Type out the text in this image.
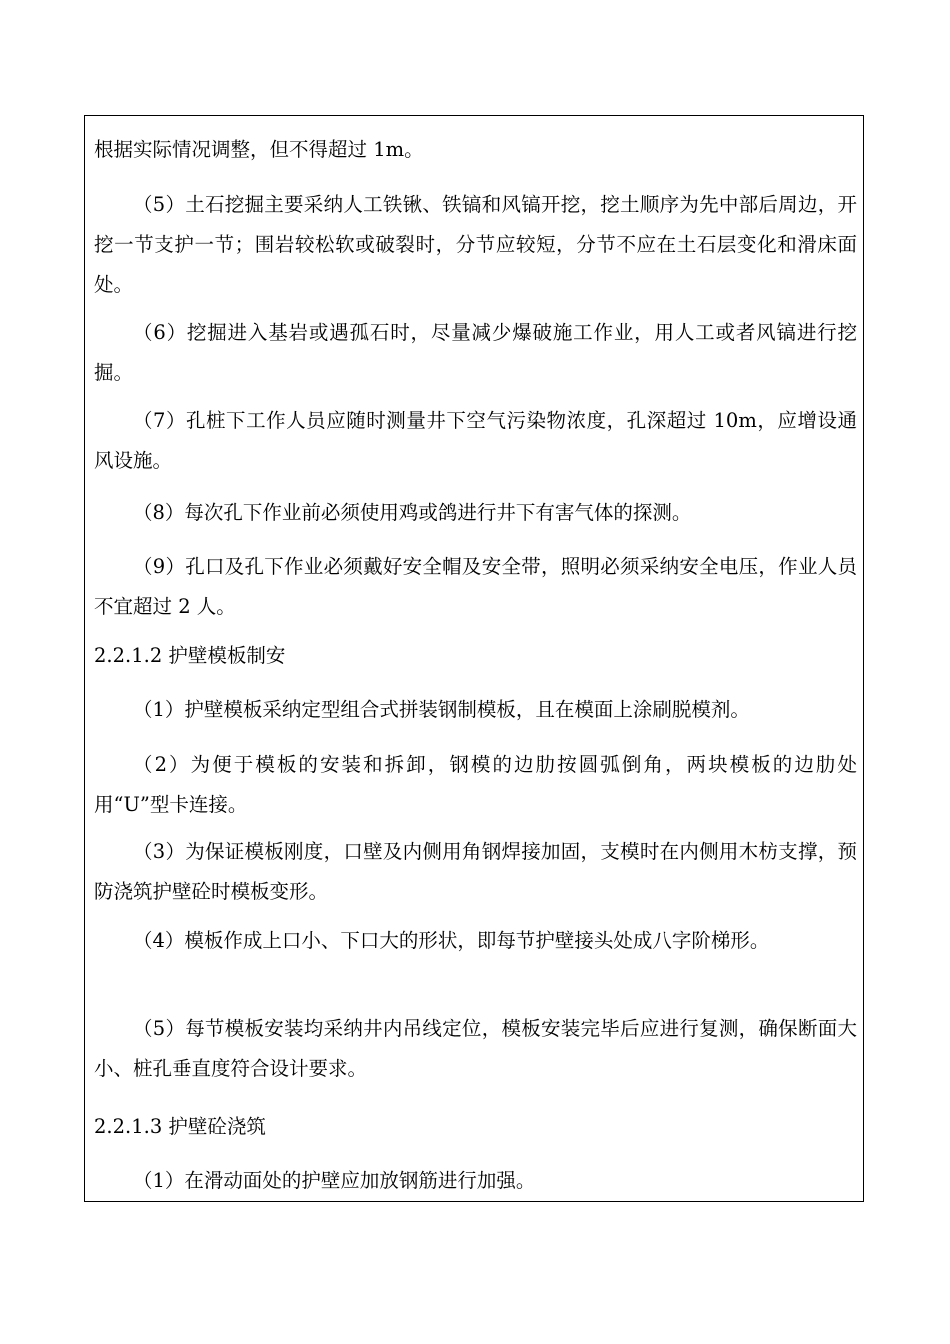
根据实际情况调整，但不得超过 1m。

（5）土石挖掘主要采纳人工铁锹、铁镐和风镐开挖，挖土顺序为先中部后周边，开挖一节支护一节；围岩较松软或破裂时，分节应较短，分节不应在土石层变化和滑床面处。

（6）挖掘进入基岩或遇孤石时，尽量减少爆破施工作业，用人工或者风镐进行挖掘。

（7）孔桩下工作人员应随时测量井下空气污染物浓度，孔深超过 10m，应增设通风设施。

（8）每次孔下作业前必须使用鸡或鸽进行井下有害气体的探测。

（9）孔口及孔下作业必须戴好安全帽及安全带，照明必须采纳安全电压，作业人员不宜超过 2 人。

2.2.1.2 护壁模板制安

（1）护壁模板采纳定型组合式拼装钢制模板，且在模面上涂刷脱模剂。

（2）为便于模板的安装和拆卸，钢模的边肋按圆弧倒角，两块模板的边肋处用“U”型卡连接。

（3）为保证模板刚度，口壁及内侧用角钢焊接加固，支模时在内侧用木枋支撑，预防浇筑护壁砼时模板变形。

（4）模板作成上口小、下口大的形状，即每节护壁接头处成八字阶梯形。

（5）每节模板安装均采纳井内吊线定位，模板安装完毕后应进行复测，确保断面大小、桩孔垂直度符合设计要求。

2.2.1.3 护壁砼浇筑

（1）在滑动面处的护壁应加放钢筋进行加强。
